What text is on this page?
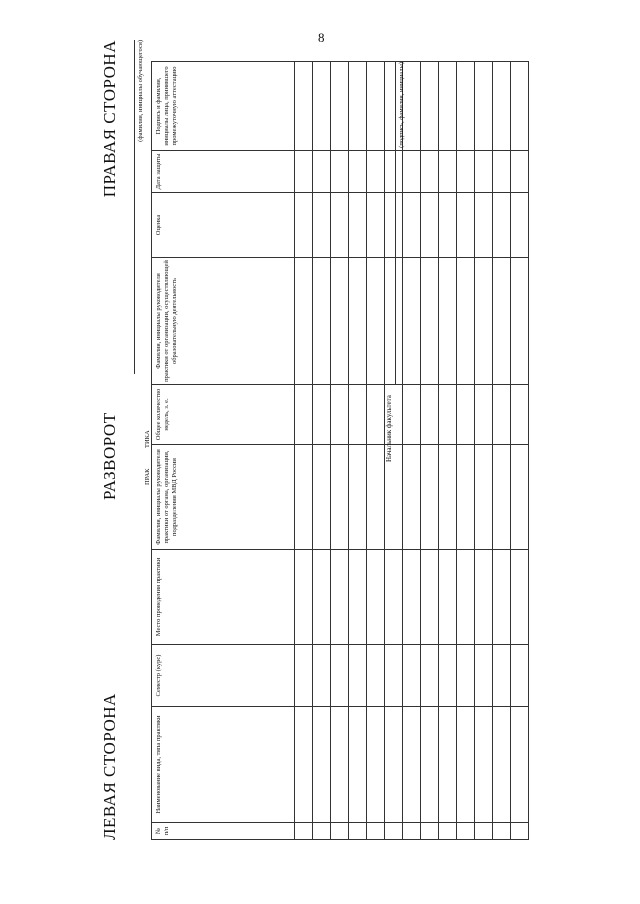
8
ЛЕВАЯ СТОРОНА
РАЗВОРОТ
ПРАВАЯ СТОРОНА
ПРАК
ТИКА
(фамилия, инициалы обучающегося)
№ п/п	Наименование вида, типа практики	Семестр (курс)	Место проведения практики	Фамилия, инициалы руководителя практики от органа, организации, подразделения МВД России	Общее количество недель, з. е.	Фамилия, инициалы руководителя практики от организации, осуществляющей образовательную деятельность	Оценка	Дата защиты	Подпись и фамилия, инициалы лица, принявшего промежуточную аттестацию

Начальник факультета
(подпись, фамилия, инициалы)
